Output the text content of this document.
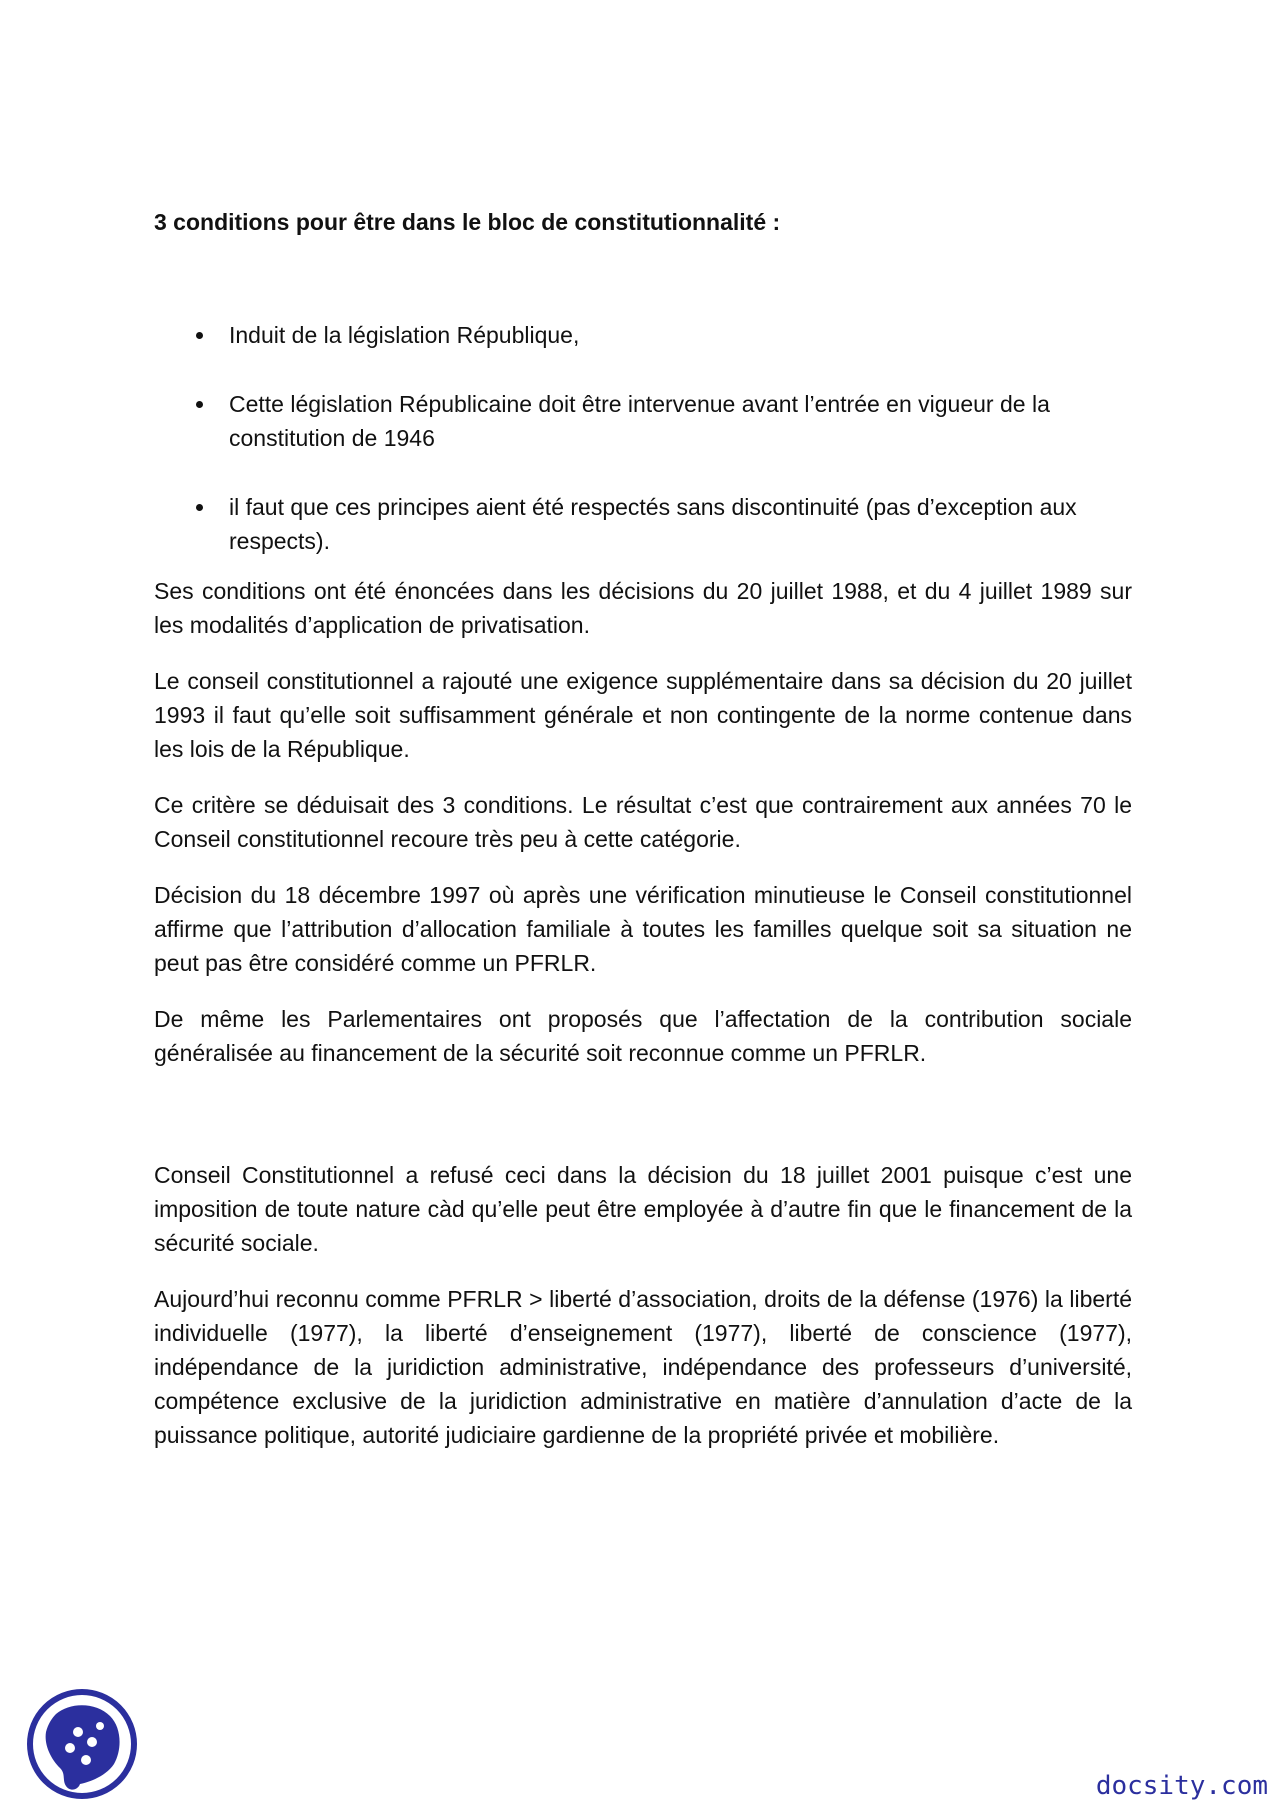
3 conditions pour être dans le bloc de constitutionnalité :
Induit de la législation République,
Cette législation Républicaine doit être intervenue avant l’entrée en vigueur de la constitution de 1946
il faut que ces principes aient été respectés sans discontinuité (pas d’exception aux respects).

Ses conditions ont été énoncées dans les décisions du 20 juillet 1988, et du 4 juillet 1989 sur les modalités d’application de privatisation.

Le conseil constitutionnel a rajouté une exigence supplémentaire dans sa décision du 20 juillet 1993 il faut qu’elle soit suffisamment générale et non contingente de la norme contenue dans les lois de la République.

Ce critère se déduisait des 3 conditions. Le résultat c’est que contrairement aux années 70 le Conseil constitutionnel recoure très peu à cette catégorie.

Décision du 18 décembre 1997 où après une vérification minutieuse le Conseil constitutionnel affirme que l’attribution d’allocation familiale à toutes les familles quelque soit sa situation ne peut pas être considéré comme un PFRLR.

De même les Parlementaires ont proposés que l’affectation de la contribution sociale généralisée au financement de la sécurité soit reconnue comme un PFRLR.

Conseil Constitutionnel a refusé ceci dans la décision du 18 juillet 2001 puisque c’est une imposition de toute nature càd qu’elle peut être employée à d’autre fin que le financement de la sécurité sociale.

Aujourd’hui reconnu comme PFRLR > liberté d’association, droits de la défense (1976) la liberté individuelle (1977), la liberté d’enseignement (1977), liberté de conscience (1977), indépendance de la juridiction administrative, indépendance des professeurs d’université, compétence exclusive de la juridiction administrative en matière d’annulation d’acte de la puissance politique, autorité judiciaire gardienne de la propriété privée et mobilière.

docsity.com
